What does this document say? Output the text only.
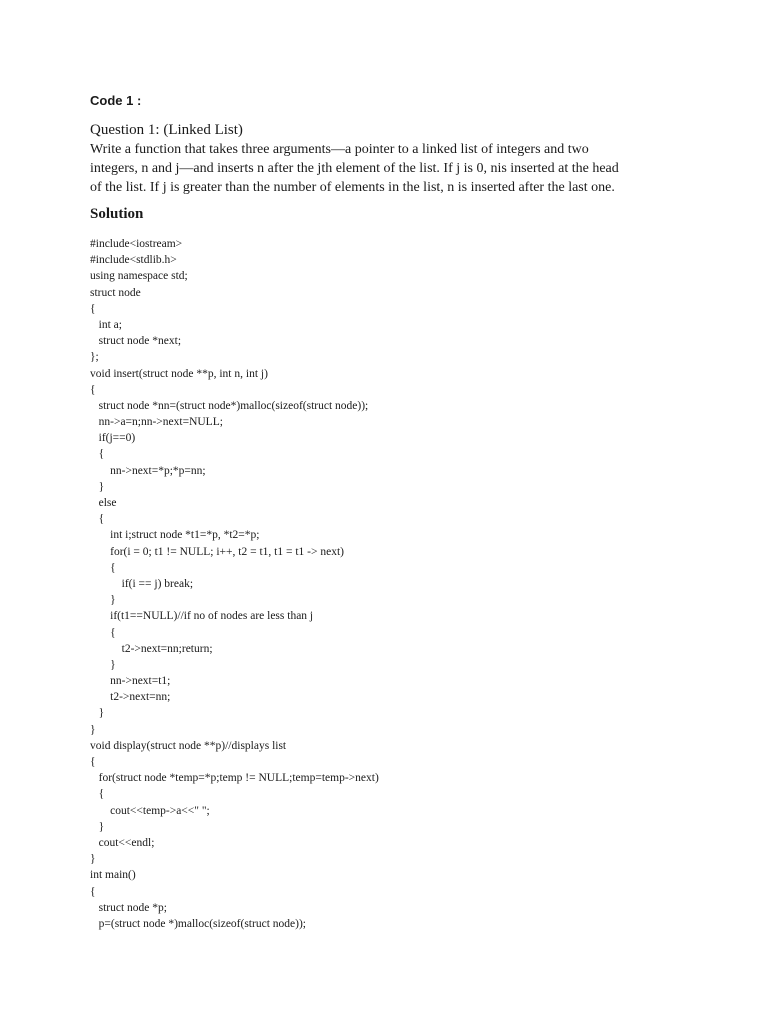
Code 1 :

Question 1: (Linked List)

Write a function that takes three arguments—a pointer to a linked list of integers and two

integers, n and j—and inserts n after the jth element of the list. If j is 0, nis inserted at the head

of the list. If j is greater than the number of elements in the list, n is inserted after the last one.

Solution
#include<iostream>
#include<stdlib.h>
using namespace std;
struct node
{
int a;
struct node *next;
};
void insert(struct node **p, int n, int j)
{
struct node *nn=(struct node*)malloc(sizeof(struct node));
nn->a=n;nn->next=NULL;
if(j==0)
{
nn->next=*p;*p=nn;
}
else
{
int i;struct node *t1=*p, *t2=*p;
for(i = 0; t1 != NULL; i++, t2 = t1, t1 = t1 -> next)
{
if(i == j) break;
}
if(t1==NULL)//if no of nodes are less than j
{
t2->next=nn;return;
}
nn->next=t1;
t2->next=nn;
}
}
void display(struct node **p)//displays list
{
for(struct node *temp=*p;temp != NULL;temp=temp->next)
{
cout<<temp->a<<" ";
}
cout<<endl;
}
int main()
{
struct node *p;
p=(struct node *)malloc(sizeof(struct node));
